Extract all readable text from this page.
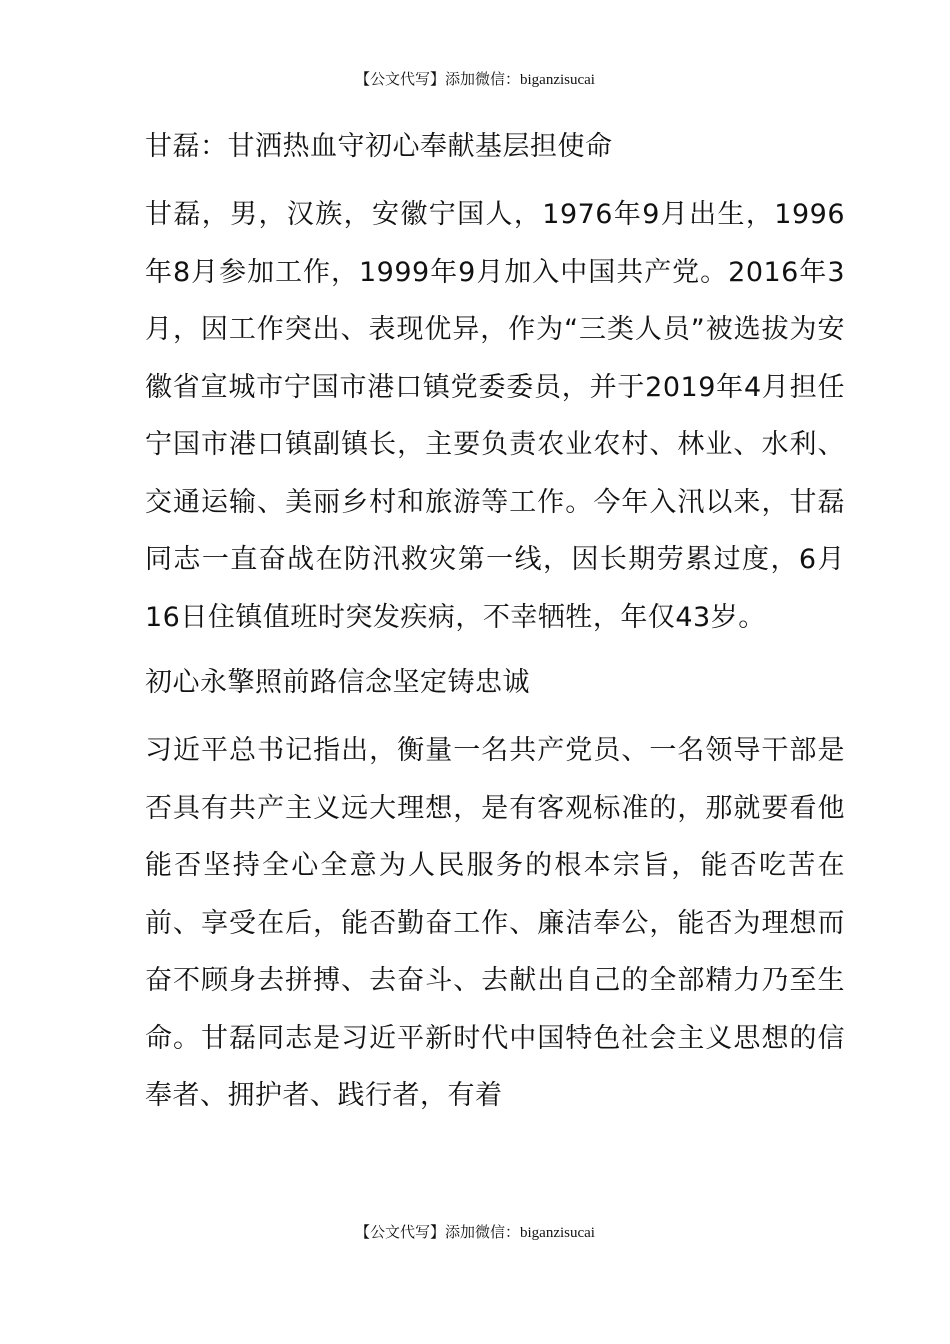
【公文代写】添加微信：biganzisucai
甘磊：甘洒热血守初心奉献基层担使命

甘磊，男，汉族，安徽宁国人，1976年9月出生，1996年8月参加工作，1999年9月加入中国共产党。2016年3月，因工作突出、表现优异，作为“三类人员”被选拔为安徽省宣城市宁国市港口镇党委委员，并于2019年4月担任宁国市港口镇副镇长，主要负责农业农村、林业、水利、交通运输、美丽乡村和旅游等工作。今年入汛以来，甘磊同志一直奋战在防汛救灾第一线，因长期劳累过度，6月16日住镇值班时突发疾病，不幸牺牲，年仅43岁。

初心永擎照前路信念坚定铸忠诚

习近平总书记指出，衡量一名共产党员、一名领导干部是否具有共产主义远大理想，是有客观标准的，那就要看他能否坚持全心全意为人民服务的根本宗旨，能否吃苦在前、享受在后，能否勤奋工作、廉洁奉公，能否为理想而奋不顾身去拼搏、去奋斗、去献出自己的全部精力乃至生命。甘磊同志是习近平新时代中国特色社会主义思想的信奉者、拥护者、践行者，有着

【公文代写】添加微信：biganzisucai
